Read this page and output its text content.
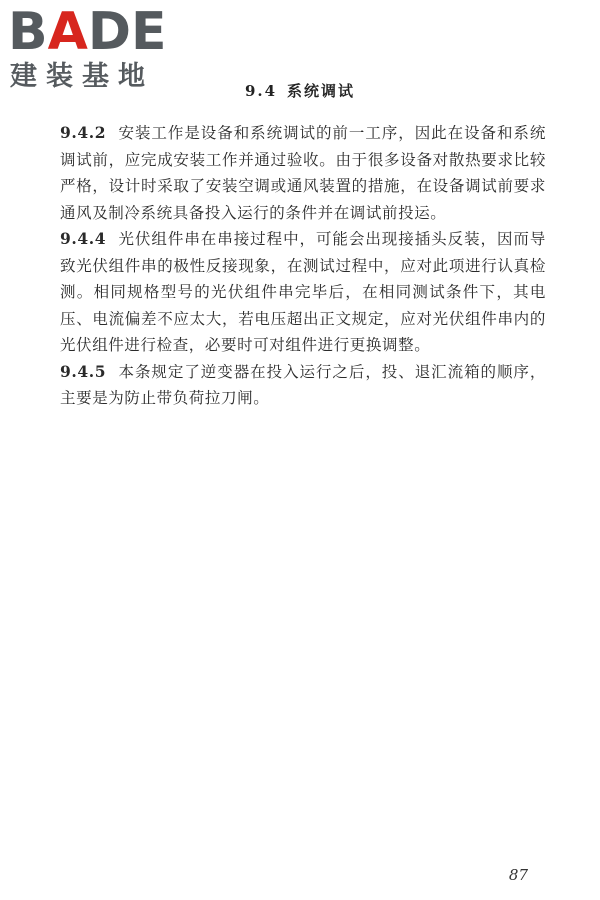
BADE
建装基地	9.4 系统调试

9.4.2 安装工作是设备和系统调试的前一工序，因此在设备和系统调试前，应完成安装工作并通过验收。由于很多设备对散热要求比较严格，设计时采取了安装空调或通风装置的措施，在设备调试前要求通风及制冷系统具备投入运行的条件并在调试前投运。

9.4.4 光伏组件串在串接过程中，可能会出现接插头反装，因而导致光伏组件串的极性反接现象，在测试过程中，应对此项进行认真检测。相同规格型号的光伏组件串完毕后，在相同测试条件下，其电压、电流偏差不应太大，若电压超出正文规定，应对光伏组件串内的光伏组件进行检查，必要时可对组件进行更换调整。

9.4.5 本条规定了逆变器在投入运行之后，投、退汇流箱的顺序，主要是为防止带负荷拉刀闸。

87
